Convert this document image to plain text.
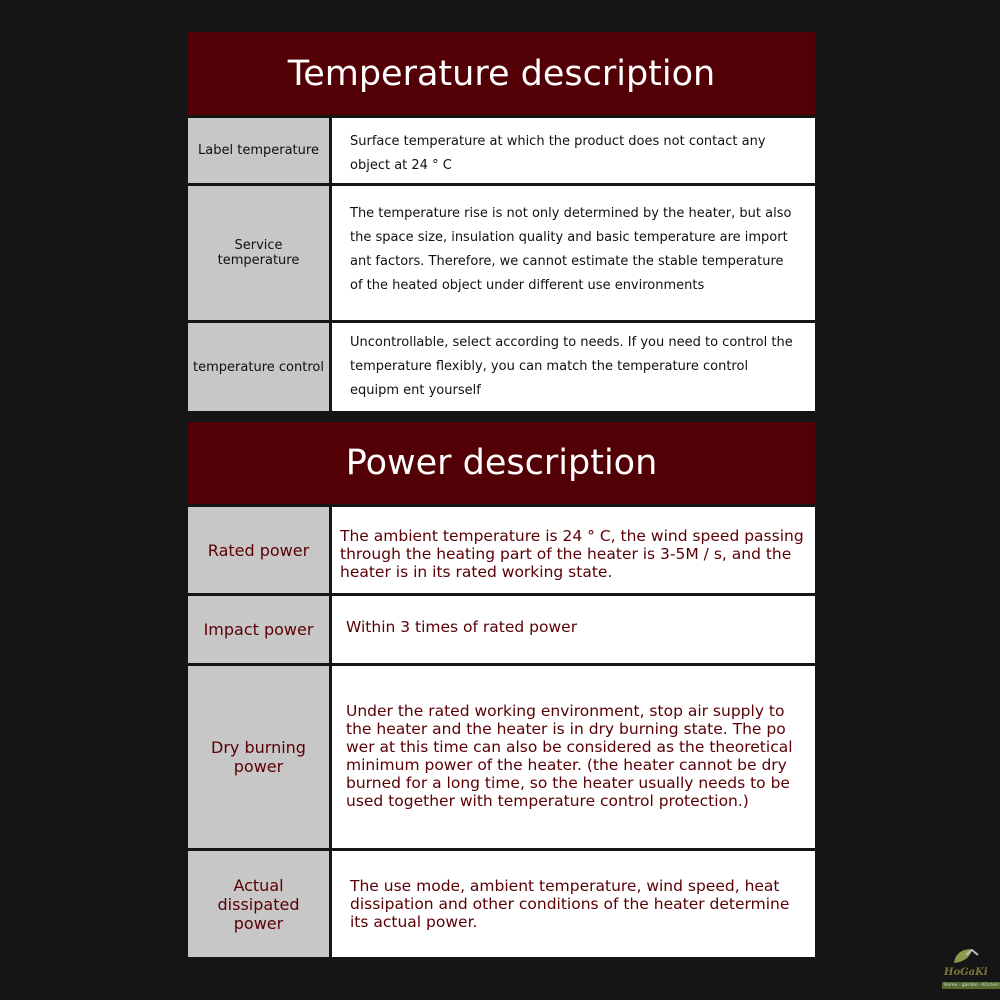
Temperature description
Label temperature
Surface temperature at which the product does not contact any object at 24 ° C
Service temperature
The temperature rise is not only determined by the heater, but also the space size, insulation quality and basic temperature are import ant factors. Therefore, we cannot estimate the stable temperature of the heated object under different use environments
temperature control
Uncontrollable, select according to needs. If you need to control the temperature flexibly, you can match the temperature control equipm ent yourself
Power description
Rated power
The ambient temperature is 24 ° C, the wind speed passing through the heating part of the heater is 3-5M / s, and the heater is in its rated working state.
Impact power	Within 3 times of rated power
Dry burning power
Under the rated working environment, stop air supply to the heater and the heater is in dry burning state. The po wer at this time can also be considered as the theoretical minimum power of the heater. (the heater cannot be dry burned for a long time, so the heater usually needs to be used together with temperature control protection.)
Actual dissipated power
The use mode, ambient temperature, wind speed, heat dissipation and other conditions of the heater determine its actual power.
HoGaKi
Home - garden - Kitchen
